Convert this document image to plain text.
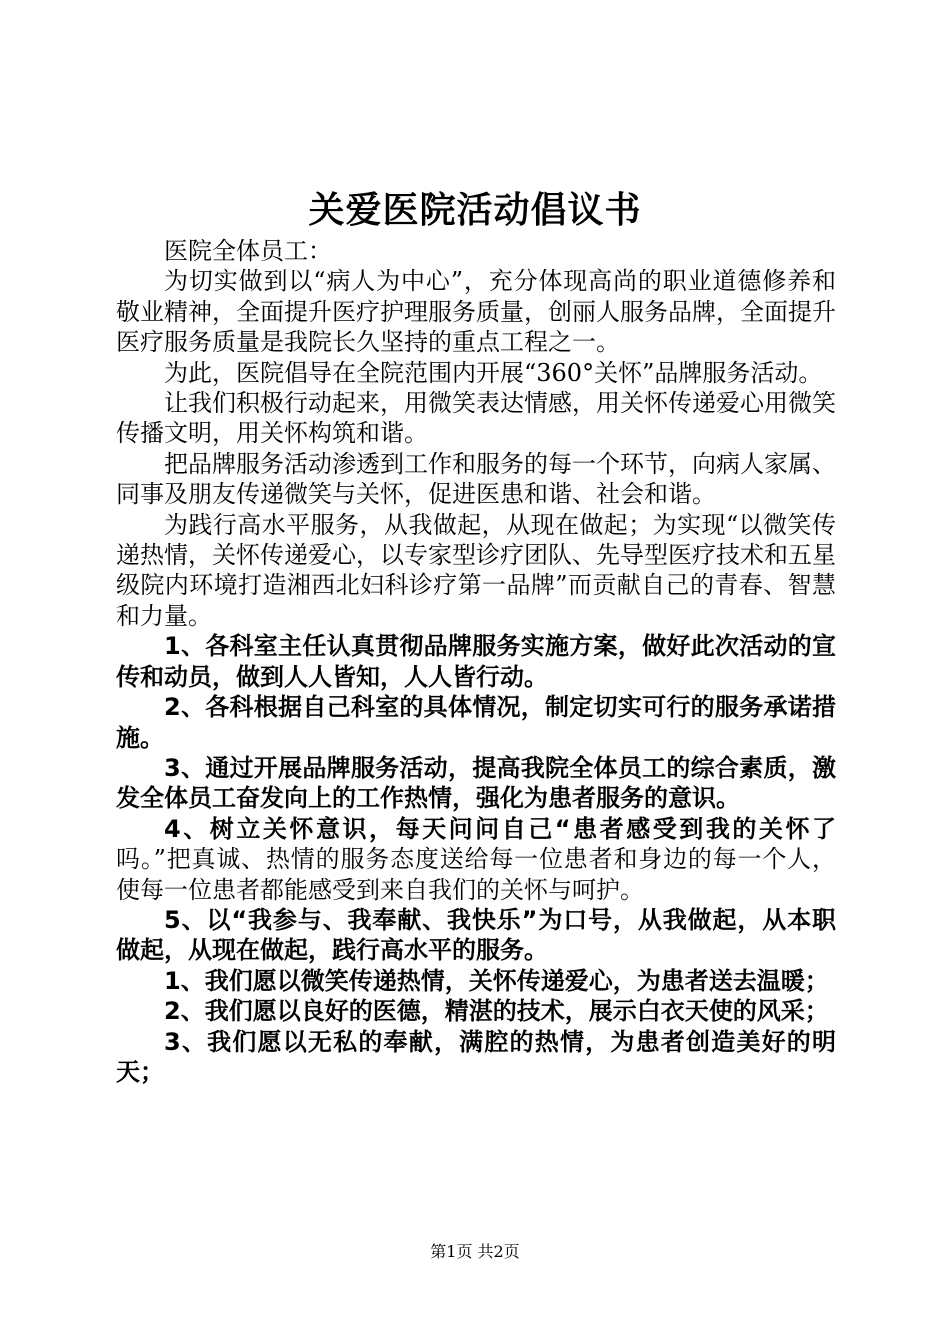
关爱医院活动倡议书

医院全体员工：

为切实做到以“病人为中心”，充分体现高尚的职业道德修养和敬业精神，全面提升医疗护理服务质量，创丽人服务品牌，全面提升医疗服务质量是我院长久坚持的重点工程之一。

为此，医院倡导在全院范围内开展“360°关怀”品牌服务活动。

让我们积极行动起来，用微笑表达情感，用关怀传递爱心用微笑传播文明，用关怀构筑和谐。

把品牌服务活动渗透到工作和服务的每一个环节，向病人家属、同事及朋友传递微笑与关怀，促进医患和谐、社会和谐。

为践行高水平服务，从我做起，从现在做起；为实现“以微笑传递热情，关怀传递爱心，以专家型诊疗团队、先导型医疗技术和五星级院内环境打造湘西北妇科诊疗第一品牌”而贡献自己的青春、智慧和力量。

1、各科室主任认真贯彻品牌服务实施方案，做好此次活动的宣传和动员，做到人人皆知，人人皆行动。

2、各科根据自己科室的具体情况，制定切实可行的服务承诺措施。

3、通过开展品牌服务活动，提高我院全体员工的综合素质，激发全体员工奋发向上的工作热情，强化为患者服务的意识。

4、树立关怀意识，每天问问自己“患者感受到我的关怀了吗。”把真诚、热情的服务态度送给每一位患者和身边的每一个人，使每一位患者都能感受到来自我们的关怀与呵护。

5、以“我参与、我奉献、我快乐”为口号，从我做起，从本职做起，从现在做起，践行高水平的服务。

1、我们愿以微笑传递热情，关怀传递爱心，为患者送去温暖；

2、我们愿以良好的医德，精湛的技术，展示白衣天使的风采；

3、我们愿以无私的奉献，满腔的热情，为患者创造美好的明天；

第1页 共2页
